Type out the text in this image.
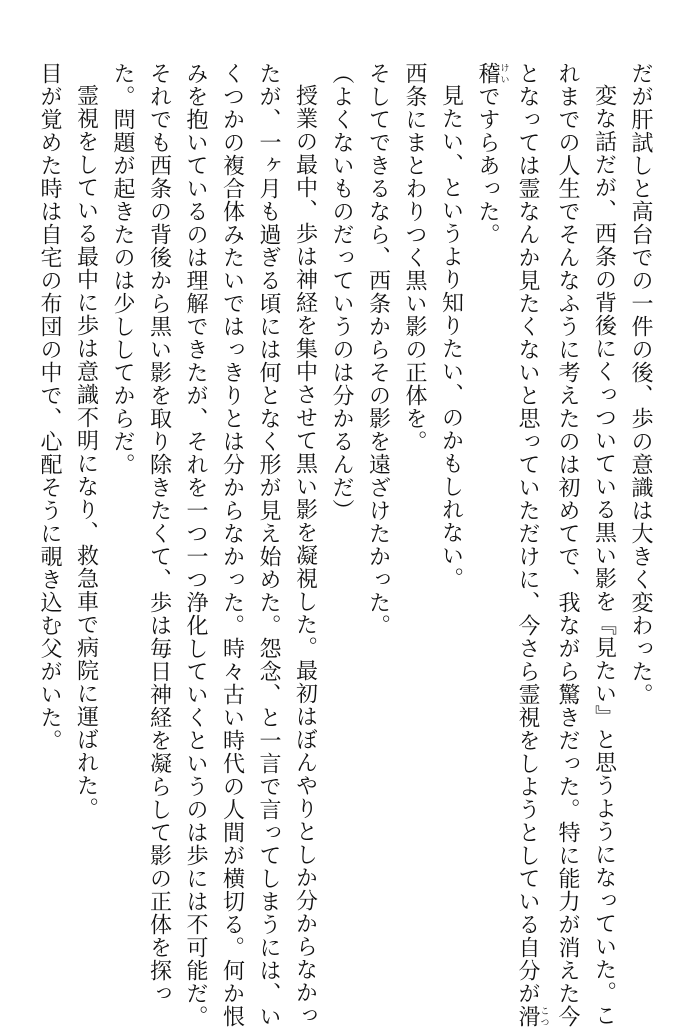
だが肝試しと高台での一件の後、歩の意識は大きく変わった。

変な話だが、西条の背後にくっついている黒い影を『見たい』と思うようになっていた。こ

れまでの人生でそんなふうに考えたのは初めてで、我ながら驚きだった。特に能力が消えた今

となっては霊なんか見たくないと思っていただけに、今さら霊視をしようとしている自分が滑こつ

稽けいですらあった。

見たい、というより知りたい、のかもしれない。

西条にまとわりつく黒い影の正体を。

そしてできるなら、西条からその影を遠ざけたかった。

（よくないものだっていうのは分かるんだ）

授業の最中、歩は神経を集中させて黒い影を凝視した。最初はぼんやりとしか分からなかっ

たが、一ヶ月も過ぎる頃には何となく形が見え始めた。怨念、と一言で言ってしまうには、い

くつかの複合体みたいではっきりとは分からなかった。時々古い時代の人間が横切る。何か恨

みを抱いているのは理解できたが、それを一つ一つ浄化していくというのは歩には不可能だ。

それでも西条の背後から黒い影を取り除きたくて、歩は毎日神経を凝らして影の正体を探っ

た。問題が起きたのは少ししてからだ。

霊視をしている最中に歩は意識不明になり、救急車で病院に運ばれた。

目が覚めた時は自宅の布団の中で、心配そうに覗き込む父がいた。
